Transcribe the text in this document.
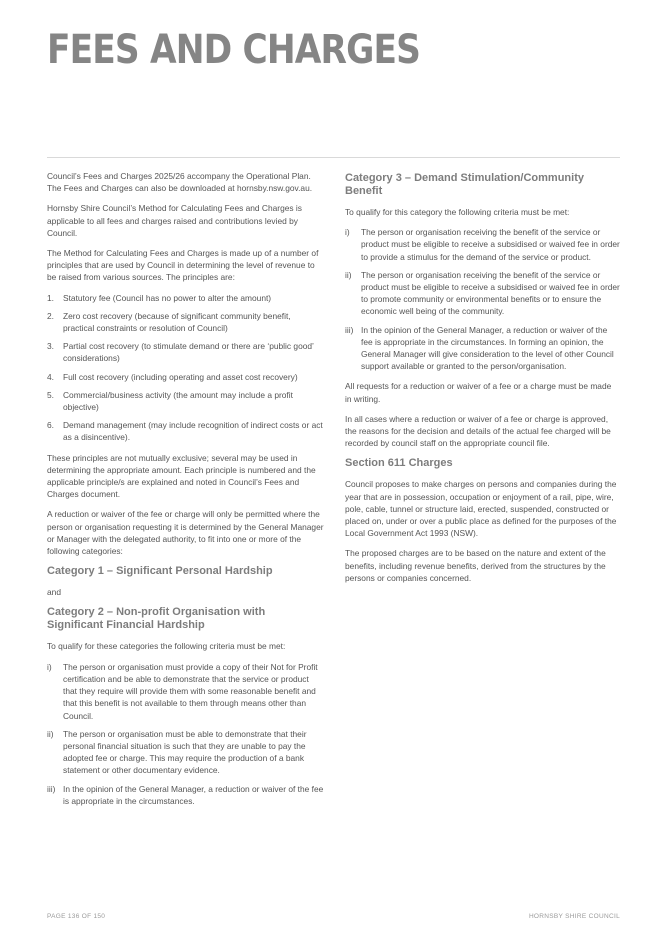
FEES AND CHARGES

Council’s Fees and Charges 2025/26 accompany the Operational Plan. The Fees and Charges can also be downloaded at hornsby.nsw.gov.au.

Hornsby Shire Council’s Method for Calculating Fees and Charges is applicable to all fees and charges raised and contributions levied by Council.

The Method for Calculating Fees and Charges is made up of a number of principles that are used by Council in determining the level of revenue to be raised from various sources. The principles are:

1. Statutory fee (Council has no power to alter the amount)
2. Zero cost recovery (because of significant community benefit, practical constraints or resolution of Council)
3. Partial cost recovery (to stimulate demand or there are ‘public good’ considerations)
4. Full cost recovery (including operating and asset cost recovery)
5. Commercial/business activity (the amount may include a profit objective)
6. Demand management (may include recognition of indirect costs or act as a disincentive).

These principles are not mutually exclusive; several may be used in determining the appropriate amount. Each principle is numbered and the applicable principle/s are explained and noted in Council’s Fees and Charges document.

A reduction or waiver of the fee or charge will only be permitted where the person or organisation requesting it is determined by the General Manager or Manager with the delegated authority, to fit into one or more of the following categories:

Category 1 – Significant Personal Hardship

and

Category 2 – Non-profit Organisation with Significant Financial Hardship

To qualify for these categories the following criteria must be met:

i) The person or organisation must provide a copy of their Not for Profit certification and be able to demonstrate that the service or product that they require will provide them with some reasonable benefit and that this benefit is not available to them through means other than Council.
ii) The person or organisation must be able to demonstrate that their personal financial situation is such that they are unable to pay the adopted fee or charge. This may require the production of a bank statement or other documentary evidence.
iii) In the opinion of the General Manager, a reduction or waiver of the fee is appropriate in the circumstances.
Category 3 – Demand Stimulation/Community Benefit

To qualify for this category the following criteria must be met:

i) The person or organisation receiving the benefit of the service or product must be eligible to receive a subsidised or waived fee in order to provide a stimulus for the demand of the service or product.
ii) The person or organisation receiving the benefit of the service or product must be eligible to receive a subsidised or waived fee in order to promote community or environmental benefits or to ensure the economic well being of the community.
iii) In the opinion of the General Manager, a reduction or waiver of the fee is appropriate in the circumstances. In forming an opinion, the General Manager will give consideration to the level of other Council support available or granted to the person/organisation.

All requests for a reduction or waiver of a fee or a charge must be made in writing.

In all cases where a reduction or waiver of a fee or charge is approved, the reasons for the decision and details of the actual fee charged will be recorded by council staff on the appropriate council file.

Section 611 Charges

Council proposes to make charges on persons and companies during the year that are in possession, occupation or enjoyment of a rail, pipe, wire, pole, cable, tunnel or structure laid, erected, suspended, constructed or placed on, under or over a public place as defined for the purposes of the Local Government Act 1993 (NSW).

The proposed charges are to be based on the nature and extent of the benefits, including revenue benefits, derived from the structures by the persons or companies concerned.

PAGE 136 OF 150	HORNSBY SHIRE COUNCIL
